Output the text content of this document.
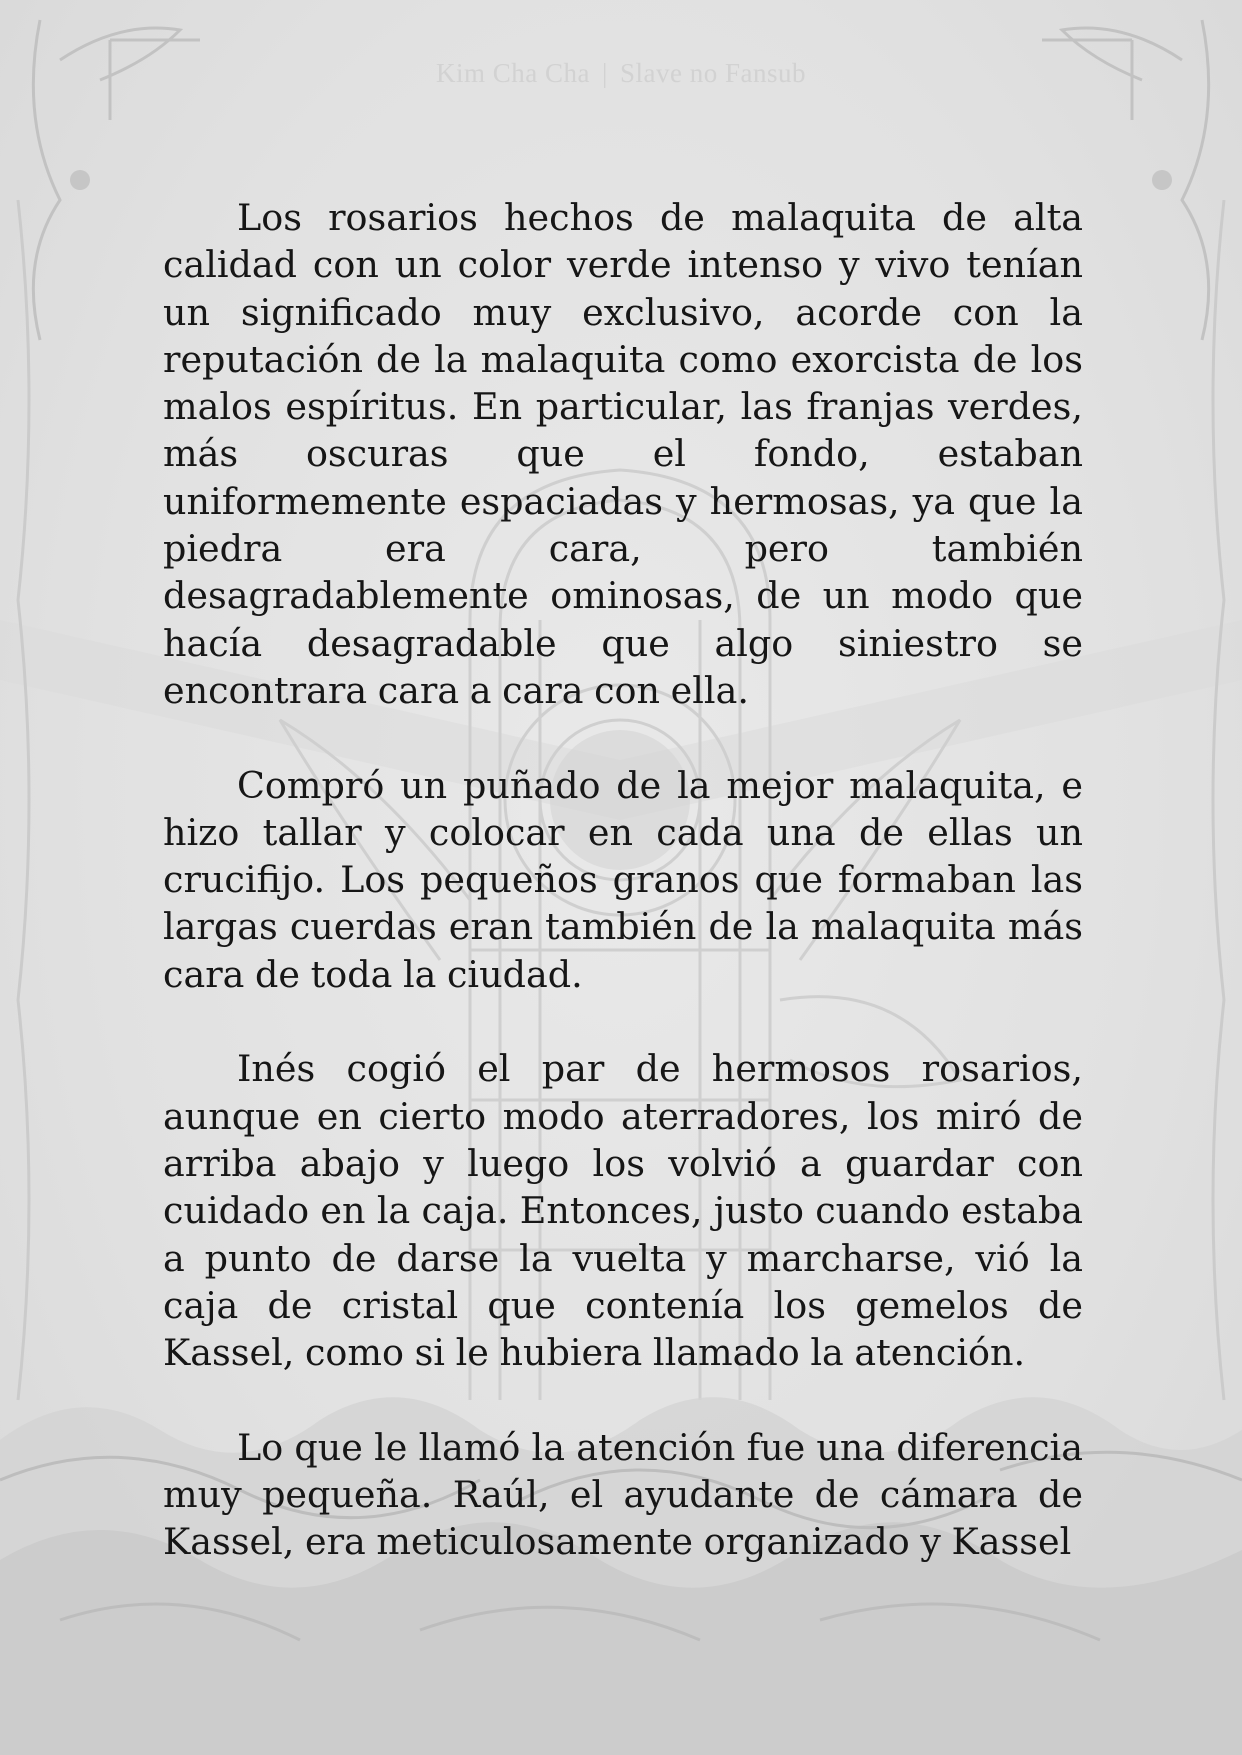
Kim Cha Cha | Slave no Fansub

Los rosarios hechos de malaquita de alta calidad con un color verde intenso y vivo tenían un significado muy exclusivo, acorde con la reputación de la malaquita como exorcista de los malos espíritus. En particular, las franjas verdes, más oscuras que el fondo, estaban uniformemente espaciadas y hermosas, ya que la piedra era cara, pero también desagradablemente ominosas, de un modo que hacía desagradable que algo siniestro se encontrara cara a cara con ella.

Compró un puñado de la mejor malaquita, e hizo tallar y colocar en cada una de ellas un crucifijo. Los pequeños granos que formaban las largas cuerdas eran también de la malaquita más cara de toda la ciudad.

Inés cogió el par de hermosos rosarios, aunque en cierto modo aterradores, los miró de arriba abajo y luego los volvió a guardar con cuidado en la caja. Entonces, justo cuando estaba a punto de darse la vuelta y marcharse, vió la caja de cristal que contenía los gemelos de Kassel, como si le hubiera llamado la atención.

Lo que le llamó la atención fue una diferencia muy pequeña. Raúl, el ayudante de cámara de Kassel, era meticulosamente organizado y Kassel
